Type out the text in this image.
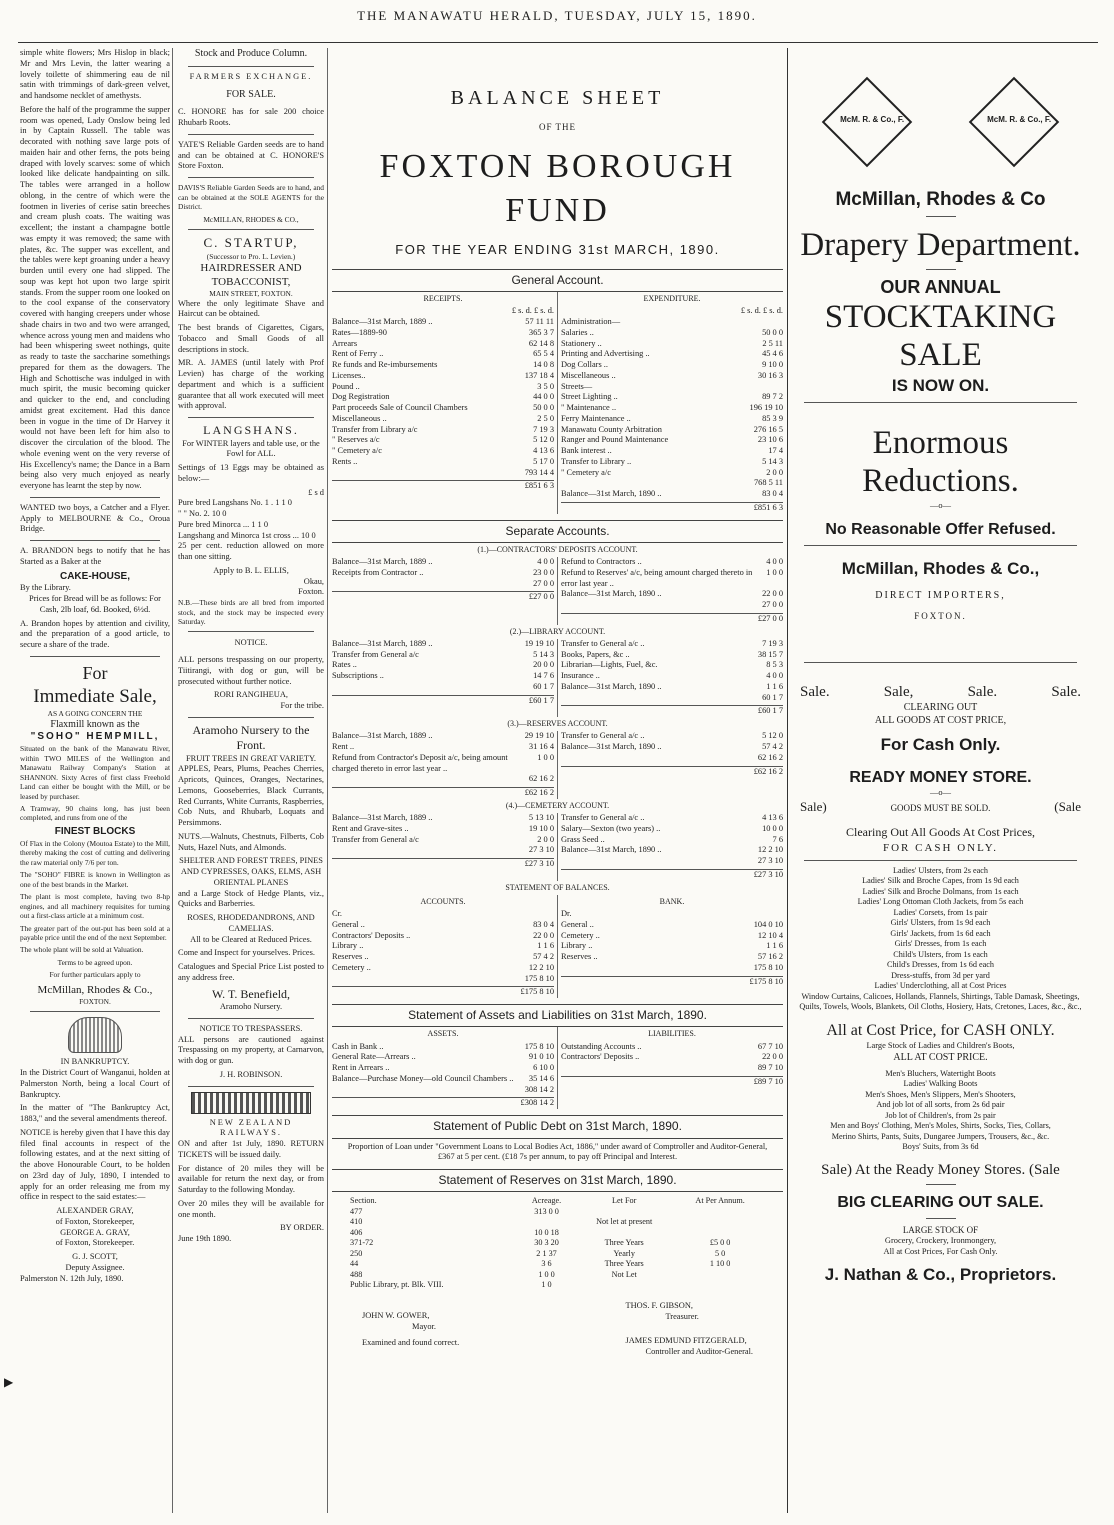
THE MANAWATU HERALD, TUESDAY, JULY 15, 1890.

simple white flowers; Mrs Hislop in black; Mr and Mrs Levin, the latter wearing a lovely toilette of shimmering eau de nil satin with trimmings of dark-green velvet, and handsome necklet of amethysts.

Before the half of the programme the supper room was opened, Lady Onslow being led in by Captain Russell. The table was decorated with nothing save large pots of maiden hair and other ferns, the pots being draped with lovely scarves: some of which looked like delicate handpainting on silk. The tables were arranged in a hollow oblong, in the centre of which were the footmen in liveries of cerise satin breeches and cream plush coats. The waiting was excellent; the instant a champagne bottle was empty it was removed; the same with plates, &c. The supper was excellent, and the tables were kept groaning under a heavy burden until every one had slipped. The soup was kept hot upon two large spirit stands. From the supper room one looked on to the cool expanse of the conservatory covered with hanging creepers under whose shade chairs in two and two were arranged, whence across young men and maidens who had been whispering sweet nothings, quite as ready to taste the saccharine somethings prepared for them as the dowagers. The High and Schottische was indulged in with much spirit, the music becoming quicker and quicker to the end, and concluding amidst great excitement. Had this dance been in vogue in the time of Dr Harvey it would not have been left for him also to discover the circulation of the blood. The whole evening went on the very reverse of His Excellency's name; the Dance in a Barn being also very much enjoyed as nearly everyone has learnt the step by now.

WANTED two boys, a Catcher and a Flyer. Apply to MELBOURNE & Co., Oroua Bridge.

A. BRANDON begs to notify that he has Started as a Baker at the

CAKE-HOUSE,
By the Library.

Prices for Bread will be as follows: For Cash, 2lb loaf, 6d. Booked, 6½d.

A. Brandon hopes by attention and civility, and the preparation of a good article, to secure a share of the trade.

For
Immediate Sale,
AS A GOING CONCERN THE
Flaxmill known as the
"SOHO" HEMPMILL,

Situated on the bank of the Manawatu River, within TWO MILES of the Wellington and Manawatu Railway Company's Station at SHANNON. Sixty Acres of first class Freehold Land can either be bought with the Mill, or be leased by purchaser.

A Tramway, 90 chains long, has just been completed, and runs from one of the

FINEST BLOCKS

Of Flax in the Colony (Moutoa Estate) to the Mill, thereby making the cost of cutting and delivering the raw material only 7/6 per ton.

The "SOHO" FIBRE is known in Wellington as one of the best brands in the Market.

The plant is most complete, having two 8-hp engines, and all machinery requisites for turning out a first-class article at a minimum cost.

The greater part of the out-put has been sold at a payable price until the end of the next September.

The whole plant will be sold at Valuation.

Terms to be agreed upon.

For further particulars apply to

McMillan, Rhodes & Co.,
FOXTON.
IN BANKRUPTCY.

In the District Court of Wanganui, holden at Palmerston North, being a local Court of Bankruptcy.

In the matter of "The Bankruptcy Act, 1883," and the several amendments thereof.

NOTICE is hereby given that I have this day filed final accounts in respect of the following estates, and at the next sitting of the above Honourable Court, to be holden on 23rd day of July, 1890, I intended to apply for an order releasing me from my office in respect to the said estates:—

ALEXANDER GRAY,
of Foxton, Storekeeper,
GEORGE A. GRAY,
of Foxton, Storekeeper.
G. J. SCOTT,
Deputy Assignee.
Palmerston N. 12th July, 1890.
▶
Stock and Produce Column.
FARMERS EXCHANGE.
FOR SALE.

C. HONORE has for sale 200 choice Rhubarb Roots.

YATE'S Reliable Garden seeds are to hand and can be obtained at C. HONORE'S Store Foxton.

DAVIS'S Reliable Garden Seeds are to hand, and can be obtained at the SOLE AGENTS for the District.

McMILLAN, RHODES & CO.,
C. STARTUP,
(Successor to Pro. L. Levien.)
HAIRDRESSER AND TOBACCONIST,
MAIN STREET, FOXTON.

Where the only legitimate Shave and Haircut can be obtained.

The best brands of Cigarettes, Cigars, Tobacco and Small Goods of all descriptions in stock.

MR. A. JAMES (until lately with Prof Levien) has charge of the working department and which is a sufficient guarantee that all work executed will meet with approval.

LANGSHANS.

For WINTER layers and table use, or the Fowl for ALL.

Settings of 13 Eggs may be obtained as below:—

£ s d
Pure bred Langshans No. 1 . 1 1 0
" " No. 2. 10 0
Pure bred Minorca ... 1 1 0
Langshang and Minorca 1st cross ... 10 0

25 per cent. reduction allowed on more than one sitting.

Apply to B. L. ELLIS,
Okau,
Foxton.

N.B.—These birds are all bred from imported stock, and the stock may be inspected every Saturday.

NOTICE.

ALL persons trespassing on our property, Tiitirangi, with dog or gun, will be prosecuted without further notice.

RORI RANGIHEUA,
For the tribe.
Aramoho Nursery to the Front.
FRUIT TREES IN GREAT VARIETY.

APPLES, Pears, Plums, Peaches Cherries, Apricots, Quinces, Oranges, Nectarines, Lemons, Gooseberries, Black Currants, Red Currants, White Currants, Raspberries, Cob Nuts, and Rhubarb, Loquats and Persimmons.

NUTS.—Walnuts, Chestnuts, Filberts, Cob Nuts, Hazel Nuts, and Almonds.

SHELTER AND FOREST TREES, PINES AND CYPRESSES, OAKS, ELMS, ASH ORIENTAL PLANES

and a Large Stock of Hedge Plants, viz., Quicks and Barberries.

ROSES, RHODEDANDRONS, AND CAMELIAS.

All to be Cleared at Reduced Prices.

Come and Inspect for yourselves. Prices.

Catalogues and Special Price List posted to any address free.

W. T. Benefield,
Aramoho Nursery.
NOTICE TO TRESPASSERS.

ALL persons are cautioned against Trespassing on my property, at Carnarvon, with dog or gun.

J. H. ROBINSON.
NEW ZEALAND RAILWAYS.

ON and after 1st July, 1890. RETURN TICKETS will be issued daily.

For distance of 20 miles they will be available for return the next day, or from Saturday to the following Monday.

Over 20 miles they will be available for one month.

BY ORDER.
June 19th 1890.
BALANCE SHEET
OF THE
FOXTON BOROUGH FUND
FOR THE YEAR ENDING 31st MARCH, 1890.
General Account.
RECEIPTS.
£ s. d. £ s. d.
Balance—31st March, 1889 ..	57 11 11
Rates—1889-90	365 3 7
Arrears	62 14 8
Rent of Ferry ..	65 5 4
Re funds and Re-imbursements	14 0 8
Licenses..	137 18 4
Pound ..	3 5 0
Dog Registration	44 0 0
Part proceeds Sale of Council Chambers	50 0 0
Miscellaneous ..	2 5 0
Transfer from Library a/c	7 19 3
" Reserves a/c	5 12 0
" Cemetery a/c	4 13 6
Rents ..	5 17 0
793 14 4
£851 6 3
EXPENDITURE.
£ s. d. £ s. d.
Administration—
Salaries ..	50 0 0
Stationery ..	2 5 11
Printing and Advertising ..	45 4 6
Dog Collars ..	9 10 0
Miscellaneous ..	30 16 3
Streets—
Street Lighting ..	89 7 2
" Maintenance ..	196 19 10
Ferry Maintenance ..	85 3 9
Manawatu County Arbitration	276 16 5
Ranger and Pound Maintenance	23 10 6
Bank interest ..	17 4
Transfer to Library ..	5 14 3
" Cemetery a/c	2 0 0
768 5 11
Balance—31st March, 1890 ..	83 0 4
£851 6 3
Separate Accounts.
(1.)—CONTRACTORS' DEPOSITS ACCOUNT.
Balance—31st March, 1889 ..	4 0 0
Receipts from Contractor ..	23 0 0
27 0 0
£27 0 0
Refund to Contractors ..	4 0 0
Refund to Reserves' a/c, being amount charged thereto in error last year ..
1 0 0
Balance—31st March, 1890 ..	22 0 0
27 0 0
£27 0 0
(2.)—LIBRARY ACCOUNT.
Balance—31st March, 1889 ..	19 19 10
Transfer from General a/c	5 14 3
Rates ..	20 0 0
Subscriptions ..	14 7 6
60 1 7
£60 1 7
Transfer to General a/c ..	7 19 3
Books, Papers, &c ..	38 15 7
Librarian—Lights, Fuel, &c.	8 5 3
Insurance ..	4 0 0
Balance—31st March, 1890 ..	1 1 6
60 1 7
£60 1 7
(3.)—RESERVES ACCOUNT.
Balance—31st March, 1889 ..	29 19 10
Rent ..	31 16 4
Refund from Contractor's Deposit a/c, being amount charged thereto in error last year ..
1 0 0
62 16 2
£62 16 2
Transfer to General a/c ..	5 12 0
Balance—31st March, 1890 ..	57 4 2
62 16 2
£62 16 2
(4.)—CEMETERY ACCOUNT.
Balance—31st March, 1889 ..	5 13 10
Rent and Grave-sites ..	19 10 0
Transfer from General a/c	2 0 0
27 3 10
£27 3 10
Transfer to General a/c ..	4 13 6
Salary—Sexton (two years) ..	10 0 0
Grass Seed ..	7 6
Balance—31st March, 1890 ..	12 2 10
27 3 10
£27 3 10
STATEMENT OF BALANCES.
ACCOUNTS.
Cr.
General ..	83 0 4
Contractors' Deposits ..	22 0 0
Library ..	1 1 6
Reserves ..	57 4 2
Cemetery ..	12 2 10
175 8 10
£175 8 10
BANK.
Dr.
General ..	104 0 10
Cemetery ..	12 10 4
Library ..	1 1 6
Reserves ..	57 16 2
175 8 10
£175 8 10
Statement of Assets and Liabilities on 31st March, 1890.
ASSETS.
Cash in Bank ..	175 8 10
General Rate—Arrears ..	91 0 10
Rent in Arrears ..	6 10 0
Balance—Purchase Money—old Council Chambers ..	35 14 6
308 14 2
£308 14 2
LIABILITIES.
Outstanding Accounts ..	67 7 10
Contractors' Deposits ..	22 0 0
89 7 10
£89 7 10
Statement of Public Debt on 31st March, 1890.
Proportion of Loan under "Government Loans to Local Bodies Act, 1886," under award of Comptroller and Auditor-General, £367 at 5 per cent. (£18 7s per annum, to pay off Principal and Interest.
Statement of Reserves on 31st March, 1890.
Section.	Acreage.	Let For	At Per Annum.
477	313 0 0		
410		Not let at present	
406	10 0 18		
371-72	30 3 20	Three Years	£5 0 0
250	2 1 37	Yearly	5 0
44	3 6	Three Years	1 10 0
488	1 0 0	Not Let	
Public Library, pt. Blk. VIII.	1 0		
JOHN W. GOWER,
Mayor.
Examined and found correct.
THOS. F. GIBSON,
Treasurer.
JAMES EDMUND FITZGERALD,
Controller and Auditor-General.
McM. R. & Co., F.	McM. R. & Co., F.
McMillan, Rhodes & Co
Drapery Department.
OUR ANNUAL
STOCKTAKING SALE
IS NOW ON.
Enormous Reductions.
—o—
No Reasonable Offer Refused.
McMillan, Rhodes & Co.,
DIRECT IMPORTERS,
FOXTON.
Sale.	Sale,	Sale.	Sale.
CLEARING OUT
ALL GOODS AT COST PRICE,
For Cash Only.
READY MONEY STORE.
—o—
Sale)	GOODS MUST BE SOLD.	(Sale
Clearing Out All Goods At Cost Prices,
FOR CASH ONLY.
Ladies' Ulsters, from 2s each
Ladies' Silk and Broche Capes, from 1s 9d each
Ladies' Silk and Broche Dolmans, from 1s each
Ladies' Long Ottoman Cloth Jackets, from 5s each
Ladies' Corsets, from 1s pair
Girls' Ulsters, from 1s 9d each
Girls' Jackets, from 1s 6d each
Girls' Dresses, from 1s each
Child's Ulsters, from 1s each
Child's Dresses, from 1s 6d each
Dress-stuffs, from 3d per yard
Ladies' Underclothing, all at Cost Prices
Window Curtains, Calicoes, Hollands, Flannels, Shirtings, Table Damask, Sheetings, Quilts, Towels, Wools, Blankets, Oil Cloths, Hosiery, Hats, Cretones, Laces, &c., &c.,
All at Cost Price, for CASH ONLY.
Large Stock of Ladies and Children's Boots,
ALL AT COST PRICE.
Men's Bluchers, Watertight Boots
Ladies' Walking Boots
Men's Shoes, Men's Slippers, Men's Shooters,
And job lot of all sorts, from 2s 6d pair
Job lot of Children's, from 2s pair
Men and Boys' Clothing, Men's Moles, Shirts, Socks, Ties, Collars,
Merino Shirts, Pants, Suits, Dungaree Jumpers, Trousers, &c., &c.
Boys' Suits, from 3s 6d
Sale) At the Ready Money Stores. (Sale
BIG CLEARING OUT SALE.
LARGE STOCK OF
Grocery, Crockery, Ironmongery,
All at Cost Prices, For Cash Only.
J. Nathan & Co., Proprietors.
